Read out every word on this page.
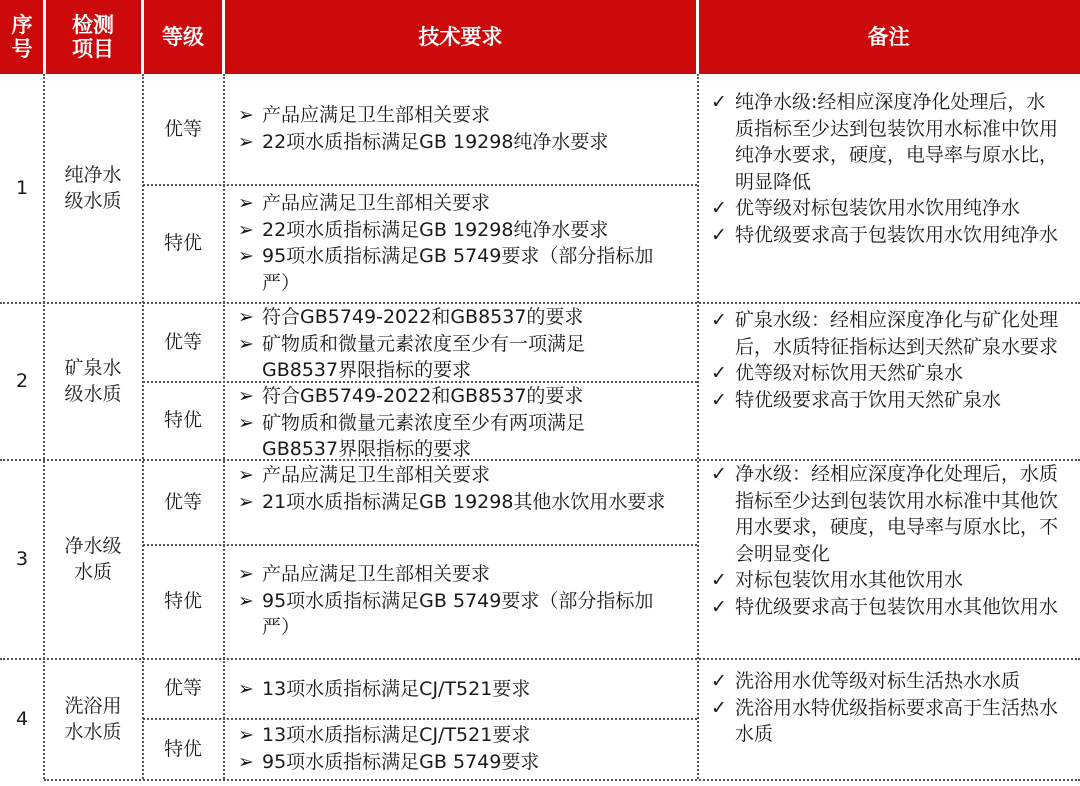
序号
检测项目 等级	技术要求	备注
1
纯净水级水质
优等
特优
➢ 产品应满足卫生部相关要求
➢ 22项水质指标满足GB 19298纯净水要求
➢ 产品应满足卫生部相关要求
➢ 22项水质指标满足GB 19298纯净水要求
➢ 95项水质指标满足GB 5749要求（部分指标加严）
✓ 纯净水级:经相应深度净化处理后，水质指标至少达到包装饮用水标准中饮用纯净水要求，硬度，电导率与原水比，明显降低
✓ 优等级对标包装饮用水饮用纯净水
✓ 特优级要求高于包装饮用水饮用纯净水
2
矿泉水级水质
优等
特优
➢ 符合GB5749-2022和GB8537的要求
➢ 矿物质和微量元素浓度至少有一项满足GB8537界限指标的要求
➢ 符合GB5749-2022和GB8537的要求
➢ 矿物质和微量元素浓度至少有两项满足GB8537界限指标的要求
✓ 矿泉水级：经相应深度净化与矿化处理后，水质特征指标达到天然矿泉水要求
✓ 优等级对标饮用天然矿泉水
✓ 特优级要求高于饮用天然矿泉水
3
净水级水质
优等
特优
➢ 产品应满足卫生部相关要求
➢ 21项水质指标满足GB 19298其他水饮用水要求
➢ 产品应满足卫生部相关要求
➢ 95项水质指标满足GB 5749要求（部分指标加严）
✓ 净水级：经相应深度净化处理后，水质指标至少达到包装饮用水标准中其他饮用水要求，硬度，电导率与原水比，不会明显变化
✓ 对标包装饮用水其他饮用水
✓ 特优级要求高于包装饮用水其他饮用水
4
洗浴用水水质
优等
特优
➢ 13项水质指标满足CJ/T521要求
➢ 13项水质指标满足CJ/T521要求
➢ 95项水质指标满足GB 5749要求
✓ 洗浴用水优等级对标生活热水水质
✓ 洗浴用水特优级指标要求高于生活热水水质
